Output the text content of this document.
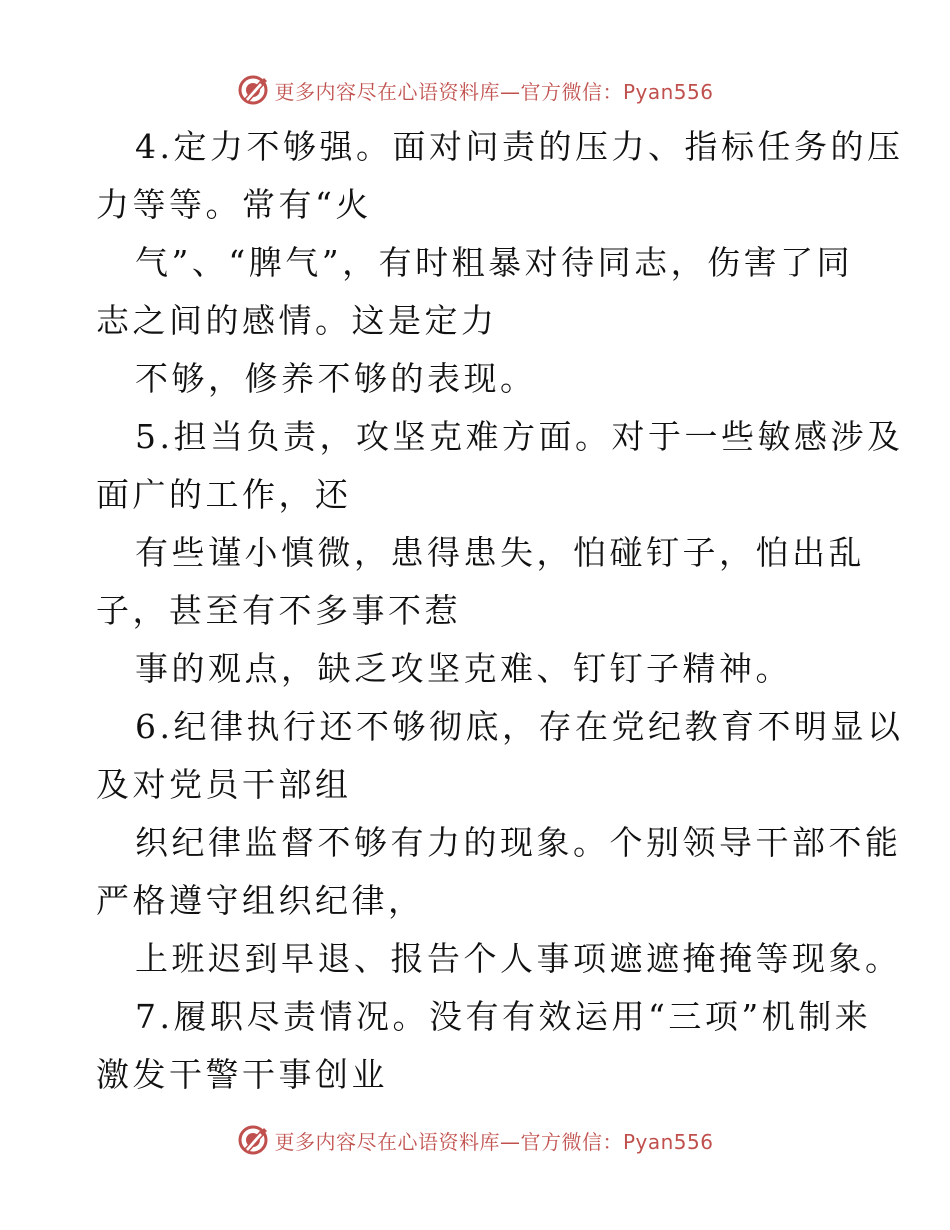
更多内容尽在心语资料库—官方微信：Pyan556
4.定力不够强。面对问责的压力、指标任务的压
力等等。常有“火
气”、“脾气”，有时粗暴对待同志，伤害了同
志之间的感情。这是定力
不够，修养不够的表现。
5.担当负责，攻坚克难方面。对于一些敏感涉及
面广的工作，还
有些谨小慎微，患得患失，怕碰钉子，怕出乱
子，甚至有不多事不惹
事的观点，缺乏攻坚克难、钉钉子精神。
6.纪律执行还不够彻底，存在党纪教育不明显以
及对党员干部组
织纪律监督不够有力的现象。个别领导干部不能
严格遵守组织纪律，
上班迟到早退、报告个人事项遮遮掩掩等现象。
7.履职尽责情况。没有有效运用“三项”机制来
激发干警干事创业
更多内容尽在心语资料库—官方微信：Pyan556
